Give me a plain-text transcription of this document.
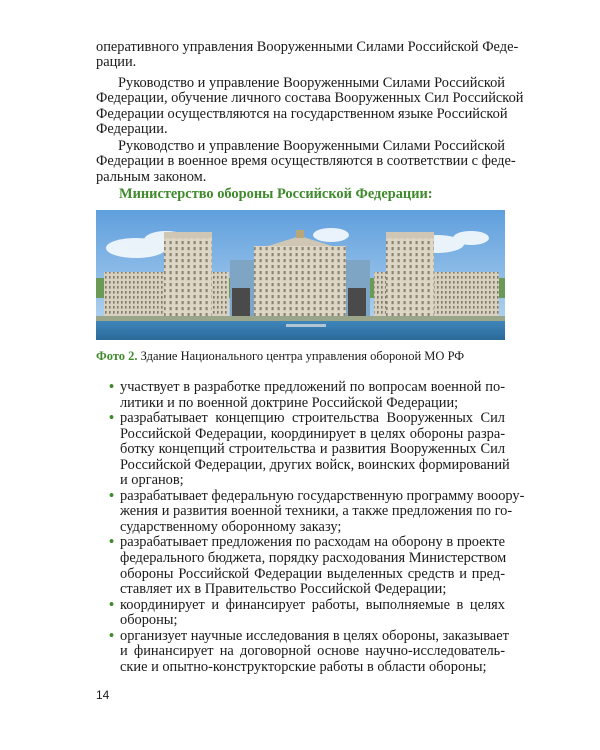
оперативного управления Вооруженными Силами Российской Феде-
рации.
Руководство и управление Вооруженными Силами Российской
Федерации, обучение личного состава Вооруженных Сил Российской
Федерации осуществляются на государственном языке Российской
Федерации.
Руководство и управление Вооруженными Силами Российской
Федерации в военное время осуществляются в соответствии с феде-
ральным законом.
Министерство обороны Российской Федерации:
Фото 2. Здание Национального центра управления обороной МО РФ
• участвует в разработке предложений по вопросам военной по-
литики и по военной доктрине Российской Федерации;
• разрабатывает концепцию строительства Вооруженных Сил
Российской Федерации, координирует в целях обороны разра-
ботку концепций строительства и развития Вооруженных Сил
Российской Федерации, других войск, воинских формирований
и органов;
• разрабатывает федеральную государственную программу вооору-
жения и развития военной техники, а также предложения по го-
сударственному оборонному заказу;
• разрабатывает предложения по расходам на оборону в проекте
федерального бюджета, порядку расходования Министерством
обороны Российской Федерации выделенных средств и пред-
ставляет их в Правительство Российской Федерации;
• координирует и финансирует работы, выполняемые в целях
обороны;
• организует научные исследования в целях обороны, заказывает
и финансирует на договорной основе научно-исследователь-
ские и опытно-конструкторские работы в области обороны;
14
